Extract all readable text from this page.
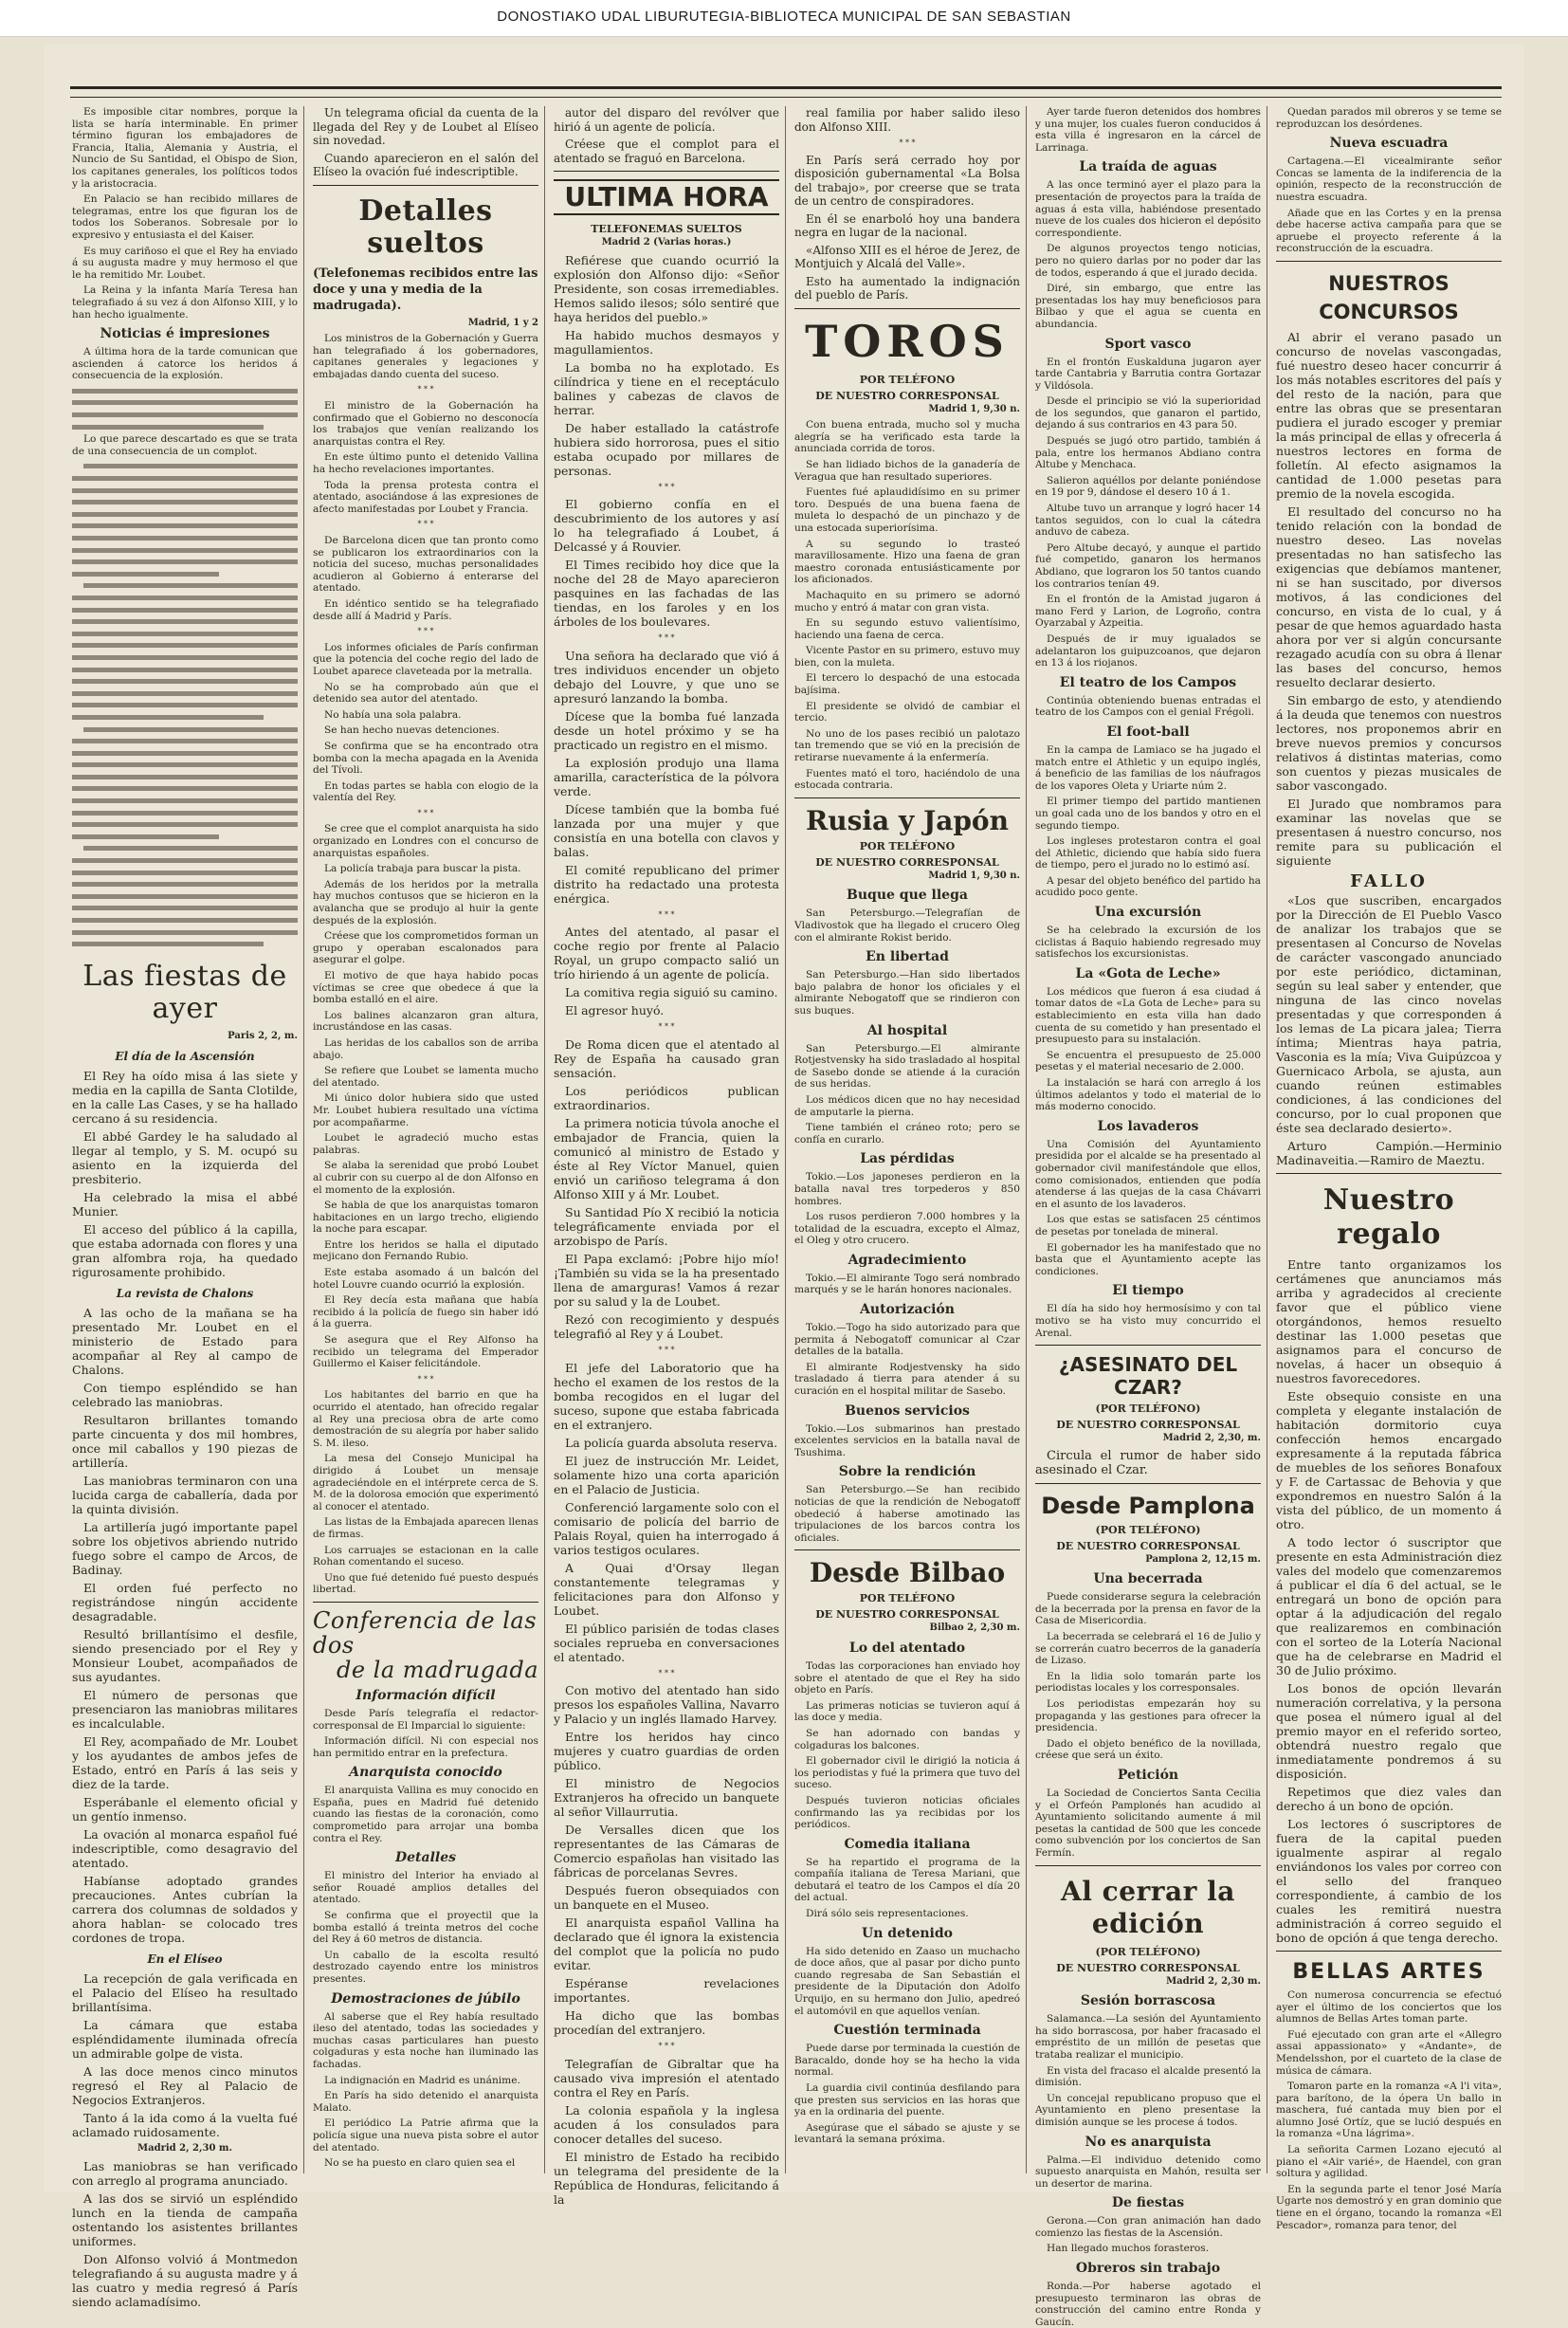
DONOSTIAKO UDAL LIBURUTEGIA-BIBLIOTECA MUNICIPAL DE SAN SEBASTIAN

Es imposible citar nombres, porque la lista se haría interminable. En primer término figuran los embajadores de Francia, Italia, Alemania y Austria, el Nuncio de Su Santidad, el Obispo de Sion, los capitanes generales, los políticos todos y la aristocracia.

En Palacio se han recibido millares de telegramas, entre los que figuran los de todos los Soberanos. Sobresale por lo expresivo y entusiasta el del Kaiser.

Es muy cariñoso el que el Rey ha enviado á su augusta madre y muy hermoso el que le ha remitido Mr. Loubet.

La Reina y la infanta María Teresa han telegrafiado á su vez á don Alfonso XIII, y lo han hecho igualmente.

Noticias é impresiones

A última hora de la tarde comunican que ascienden á catorce los heridos á consecuencia de la explosión.

Lo que parece descartado es que se trata de una consecuencia de un complot.

Las fiestas de ayer
Paris 2, 2, m.
El día de la Ascensión

El Rey ha oído misa á las siete y media en la capilla de Santa Clotilde, en la calle Las Cases, y se ha hallado cercano á su residencia.

El abbé Gardey le ha saludado al llegar al templo, y S. M. ocupó su asiento en la izquierda del presbiterio.

Ha celebrado la misa el abbé Munier.

El acceso del público á la capilla, que estaba adornada con flores y una gran alfombra roja, ha quedado rigurosamente prohibido.

La revista de Chalons

A las ocho de la mañana se ha presentado Mr. Loubet en el ministerio de Estado para acompañar al Rey al campo de Chalons.

Con tiempo espléndido se han celebrado las maniobras.

Resultaron brillantes tomando parte cincuenta y dos mil hombres, once mil caballos y 190 piezas de artillería.

Las maniobras terminaron con una lucida carga de caballería, dada por la quinta división.

La artillería jugó importante papel sobre los objetivos abriendo nutrido fuego sobre el campo de Arcos, de Badinay.

El orden fué perfecto no registrándose ningún accidente desagradable.

Resultó brillantísimo el desfile, siendo presenciado por el Rey y Monsieur Loubet, acompañados de sus ayudantes.

El número de personas que presenciaron las maniobras militares es incalculable.

El Rey, acompañado de Mr. Loubet y los ayudantes de ambos jefes de Estado, entró en París á las seis y diez de la tarde.

Esperábanle el elemento oficial y un gentío inmenso.

La ovación al monarca español fué indescriptible, como desagravio del atentado.

Habíanse adoptado grandes precauciones. Antes cubrían la carrera dos columnas de soldados y ahora hablan- se colocado tres cordones de tropa.

En el Elíseo

La recepción de gala verificada en el Palacio del Elíseo ha resultado brillantísima.

La cámara que estaba espléndidamente iluminada ofrecía un admirable golpe de vista.

A las doce menos cinco minutos regresó el Rey al Palacio de Negocios Extranjeros.

Tanto á la ida como á la vuelta fué aclamado ruidosamente.

Madrid 2, 2,30 m.

Las maniobras se han verificado con arreglo al programa anunciado.

A las dos se sirvió un espléndido lunch en la tienda de campaña ostentando los asistentes brillantes uniformes.

Don Alfonso volvió á Montmedon telegrafiando á su augusta madre y á las cuatro y media regresó á París siendo aclamadísimo.

Un telegrama oficial da cuenta de la llegada del Rey y de Loubet al Elíseo sin novedad.

Cuando aparecieron en el salón del Elíseo la ovación fué indescriptible.

Detalles sueltos
(Telefonemas recibidos entre las doce y una y media de la madrugada).
Madrid, 1 y 2

Los ministros de la Gobernación y Guerra han telegrafiado á los gobernadores, capitanes generales y legaciones y embajadas dando cuenta del suceso.

* * *

El ministro de la Gobernación ha confirmado que el Gobierno no desconocía los trabajos que venían realizando los anarquistas contra el Rey.

En este último punto el detenido Vallina ha hecho revelaciones importantes.

Toda la prensa protesta contra el atentado, asociándose á las expresiones de afecto manifestadas por Loubet y Francia.

* * *

De Barcelona dicen que tan pronto como se publicaron los extraordinarios con la noticia del suceso, muchas personalidades acudieron al Gobierno á enterarse del atentado.

En idéntico sentido se ha telegrafiado desde allí á Madrid y París.

* * *

Los informes oficiales de París confirman que la potencia del coche regio del lado de Loubet aparece claveteada por la metralla.

No se ha comprobado aún que el detenido sea autor del atentado.

No había una sola palabra.

Se han hecho nuevas detenciones.

Se confirma que se ha encontrado otra bomba con la mecha apagada en la Avenida del Tívoli.

En todas partes se habla con elogio de la valentía del Rey.

* * *

Se cree que el complot anarquista ha sido organizado en Londres con el concurso de anarquistas españoles.

La policía trabaja para buscar la pista.

Además de los heridos por la metralla hay muchos contusos que se hicieron en la avalancha que se produjo al huir la gente después de la explosión.

Créese que los comprometidos forman un grupo y operaban escalonados para asegurar el golpe.

El motivo de que haya habido pocas víctimas se cree que obedece á que la bomba estalló en el aire.

Los balines alcanzaron gran altura, incrustándose en las casas.

Las heridas de los caballos son de arriba abajo.

Se refiere que Loubet se lamenta mucho del atentado.

Mi único dolor hubiera sido que usted Mr. Loubet hubiera resultado una víctima por acompañarme.

Loubet le agradeció mucho estas palabras.

Se alaba la serenidad que probó Loubet al cubrir con su cuerpo al de don Alfonso en el momento de la explosión.

Se habla de que los anarquistas tomaron habitaciones en un largo trecho, eligiendo la noche para escapar.

Entre los heridos se halla el diputado mejicano don Fernando Rubio.

Este estaba asomado á un balcón del hotel Louvre cuando ocurrió la explosión.

El Rey decía esta mañana que había recibido á la policía de fuego sin haber idó á la guerra.

Se asegura que el Rey Alfonso ha recibido un telegrama del Emperador Guillermo el Kaiser felicitándole.

* * *

Los habitantes del barrio en que ha ocurrido el atentado, han ofrecido regalar al Rey una preciosa obra de arte como demostración de su alegría por haber salido S. M. ileso.

La mesa del Consejo Municipal ha dirigido á Loubet un mensaje agradeciéndole en el intérprete cerca de S. M. de la dolorosa emoción que experimentó al conocer el atentado.

Las listas de la Embajada aparecen llenas de firmas.

Los carruajes se estacionan en la calle Rohan comentando el suceso.

Uno que fué detenido fué puesto después libertad.

Conferencia de las dos
de la madrugada
Información difícil

Desde París telegrafía el redactor-corresponsal de El Imparcial lo siguiente:

Información difícil. Ni con especial nos han permitido entrar en la prefectura.

Anarquista conocido

El anarquista Vallina es muy conocido en España, pues en Madrid fué detenido cuando las fiestas de la coronación, como comprometido para arrojar una bomba contra el Rey.

Detalles

El ministro del Interior ha enviado al señor Rouadé amplios detalles del atentado.

Se confirma que el proyectil que la bomba estalló á treinta metros del coche del Rey á 60 metros de distancia.

Un caballo de la escolta resultó destrozado cayendo entre los ministros presentes.

Demostraciones de júbilo

Al saberse que el Rey había resultado ileso del atentado, todas las sociedades y muchas casas particulares han puesto colgaduras y esta noche han iluminado las fachadas.

La indignación en Madrid es unánime.

En París ha sido detenido el anarquista Malato.

El periódico La Patrie afirma que la policía sigue una nueva pista sobre el autor del atentado.

No se ha puesto en claro quien sea el

autor del disparo del revólver que hirió á un agente de policía.

Créese que el complot para el atentado se fraguó en Barcelona.

ULTIMA HORA
TELEFONEMAS SUELTOS
Madrid 2 (Varias horas.)

Refiérese que cuando ocurrió la explosión don Alfonso dijo: «Señor Presidente, son cosas irremediables. Hemos salido ilesos; sólo sentiré que haya heridos del pueblo.»

Ha habido muchos desmayos y magullamientos.

La bomba no ha explotado. Es cilíndrica y tiene en el receptáculo balines y cabezas de clavos de herrar.

De haber estallado la catástrofe hubiera sido horrorosa, pues el sitio estaba ocupado por millares de personas.

* * *

El gobierno confía en el descubrimiento de los autores y así lo ha telegrafiado á Loubet, á Delcassé y á Rouvier.

El Times recibido hoy dice que la noche del 28 de Mayo aparecieron pasquines en las fachadas de las tiendas, en los faroles y en los árboles de los boulevares.

* * *

Una señora ha declarado que vió á tres individuos encender un objeto debajo del Louvre, y que uno se apresuró lanzando la bomba.

Dícese que la bomba fué lanzada desde un hotel próximo y se ha practicado un registro en el mismo.

La explosión produjo una llama amarilla, característica de la pólvora verde.

Dícese también que la bomba fué lanzada por una mujer y que consistía en una botella con clavos y balas.

El comité republicano del primer distrito ha redactado una protesta enérgica.

* * *

Antes del atentado, al pasar el coche regio por frente al Palacio Royal, un grupo compacto salió un trío hiriendo á un agente de policía.

La comitiva regia siguió su camino.

El agresor huyó.

* * *

De Roma dicen que el atentado al Rey de España ha causado gran sensación.

Los periódicos publican extraordinarios.

La primera noticia túvola anoche el embajador de Francia, quien la comunicó al ministro de Estado y éste al Rey Víctor Manuel, quien envió un cariñoso telegrama á don Alfonso XIII y á Mr. Loubet.

Su Santidad Pío X recibió la noticia telegráficamente enviada por el arzobispo de París.

El Papa exclamó: ¡Pobre hijo mío! ¡También su vida se la ha presentado llena de amarguras! Vamos á rezar por su salud y la de Loubet.

Rezó con recogimiento y después telegrafió al Rey y á Loubet.

* * *

El jefe del Laboratorio que ha hecho el examen de los restos de la bomba recogidos en el lugar del suceso, supone que estaba fabricada en el extranjero.

La policía guarda absoluta reserva.

El juez de instrucción Mr. Leidet, solamente hizo una corta aparición en el Palacio de Justicia.

Conferenció largamente solo con el comisario de policía del barrio de Palais Royal, quien ha interrogado á varios testigos oculares.

A Quai d'Orsay llegan constantemente telegramas y felicitaciones para don Alfonso y Loubet.

El público parisién de todas clases sociales reprueba en conversaciones el atentado.

* * *

Con motivo del atentado han sido presos los españoles Vallina, Navarro y Palacio y un inglés llamado Harvey.

Entre los heridos hay cinco mujeres y cuatro guardias de orden público.

El ministro de Negocios Extranjeros ha ofrecido un banquete al señor Villaurrutia.

De Versalles dicen que los representantes de las Cámaras de Comercio españolas han visitado las fábricas de porcelanas Sevres.

Después fueron obsequiados con un banquete en el Museo.

El anarquista español Vallina ha declarado que él ignora la existencia del complot que la policía no pudo evitar.

Espéranse revelaciones importantes.

Ha dicho que las bombas procedían del extranjero.

* * *

Telegrafían de Gibraltar que ha causado viva impresión el atentado contra el Rey en París.

La colonia española y la inglesa acuden á los consulados para conocer detalles del suceso.

El ministro de Estado ha recibido un telegrama del presidente de la República de Honduras, felicitando á la

real familia por haber salido ileso don Alfonso XIII.

* * *

En París será cerrado hoy por disposición gubernamental «La Bolsa del trabajo», por creerse que se trata de un centro de conspiradores.

En él se enarboló hoy una bandera negra en lugar de la nacional.

«Alfonso XIII es el héroe de Jerez, de Montjuich y Alcalá del Valle».

Esto ha aumentado la indignación del pueblo de París.

TOROS
POR TELÉFONO
DE NUESTRO CORRESPONSAL
Madrid 1, 9,30 n.

Con buena entrada, mucho sol y mucha alegría se ha verificado esta tarde la anunciada corrida de toros.

Se han lidiado bichos de la ganadería de Veragua que han resultado superiores.

Fuentes fué aplaudidísimo en su primer toro. Después de una buena faena de muleta lo despachó de un pinchazo y de una estocada superiorísima.

A su segundo lo trasteó maravillosamente. Hizo una faena de gran maestro coronada entusiásticamente por los aficionados.

Machaquito en su primero se adornó mucho y entró á matar con gran vista.

En su segundo estuvo valientísimo, haciendo una faena de cerca.

Vicente Pastor en su primero, estuvo muy bien, con la muleta.

El tercero lo despachó de una estocada bajísima.

El presidente se olvidó de cambiar el tercio.

No uno de los pases recibió un palotazo tan tremendo que se vió en la precisión de retirarse nuevamente á la enfermería.

Fuentes mató el toro, haciéndolo de una estocada contraria.

Rusia y Japón
POR TELÉFONO
DE NUESTRO CORRESPONSAL
Madrid 1, 9,30 n.
Buque que llega

San Petersburgo.—Telegrafían de Vladivostok que ha llegado el crucero Oleg con el almirante Rokist berido.

En libertad

San Petersburgo.—Han sido libertados bajo palabra de honor los oficiales y el almirante Nebogatoff que se rindieron con sus buques.

Al hospital

San Petersburgo.—El almirante Rotjestvensky ha sido trasladado al hospital de Sasebo donde se atiende á la curación de sus heridas.

Los médicos dicen que no hay necesidad de amputarle la pierna.

Tiene también el cráneo roto; pero se confía en curarlo.

Las pérdidas

Tokio.—Los japoneses perdieron en la batalla naval tres torpederos y 850 hombres.

Los rusos perdieron 7.000 hombres y la totalidad de la escuadra, excepto el Almaz, el Oleg y otro crucero.

Agradecimiento

Tokio.—El almirante Togo será nombrado marqués y se le harán honores nacionales.

Autorización

Tokio.—Togo ha sido autorizado para que permita á Nebogatoff comunicar al Czar detalles de la batalla.

El almirante Rodjestvensky ha sido trasladado á tierra para atender á su curación en el hospital militar de Sasebo.

Buenos servicios

Tokio.—Los submarinos han prestado excelentes servicios en la batalla naval de Tsushima.

Sobre la rendición

San Petersburgo.—Se han recibido noticias de que la rendición de Nebogatoff obedeció á haberse amotinado las tripulaciones de los barcos contra los oficiales.

Desde Bilbao
POR TELÉFONO
DE NUESTRO CORRESPONSAL
Bilbao 2, 2,30 m.
Lo del atentado

Todas las corporaciones han enviado hoy sobre el atentado de que el Rey ha sido objeto en París.

Las primeras noticias se tuvieron aquí á las doce y media.

Se han adornado con bandas y colgaduras los balcones.

El gobernador civil le dirigió la noticia á los periodistas y fué la primera que tuvo del suceso.

Después tuvieron noticias oficiales confirmando las ya recibidas por los periódicos.

Comedia italiana

Se ha repartido el programa de la compañía italiana de Teresa Mariani, que debutará el teatro de los Campos el día 20 del actual.

Dirá sólo seis representaciones.

Un detenido

Ha sido detenido en Zaaso un muchacho de doce años, que al pasar por dicho punto cuando regresaba de San Sebastián el presidente de la Diputación don Adolfo Urquijo, en su hermano don Julio, apedreó el automóvil en que aquellos venían.

Cuestión terminada

Puede darse por terminada la cuestión de Baracaldo, donde hoy se ha hecho la vida normal.

La guardia civil continúa desfilando para que presten sus servicios en las horas que ya en la ordinaria del puente.

Asegúrase que el sábado se ajuste y se levantará la semana próxima.

Ayer tarde fueron detenidos dos hombres y una mujer, los cuales fueron conducidos á esta villa é ingresaron en la cárcel de Larrinaga.

La traída de aguas

A las once terminó ayer el plazo para la presentación de proyectos para la traída de aguas á esta villa, habiéndose presentado nueve de los cuales dos hicieron el depósito correspondiente.

De algunos proyectos tengo noticias, pero no quiero darlas por no poder dar las de todos, esperando á que el jurado decida.

Diré, sin embargo, que entre las presentadas los hay muy beneficiosos para Bilbao y que el agua se cuenta en abundancia.

Sport vasco

En el frontón Euskalduna jugaron ayer tarde Cantabria y Barrutia contra Gortazar y Vildósola.

Desde el principio se vió la superioridad de los segundos, que ganaron el partido, dejando á sus contrarios en 43 para 50.

Después se jugó otro partido, también á pala, entre los hermanos Abdiano contra Altube y Menchaca.

Salieron aquéllos por delante poniéndose en 19 por 9, dándose el desero 10 á 1.

Altube tuvo un arranque y logró hacer 14 tantos seguidos, con lo cual la cátedra anduvo de cabeza.

Pero Altube decayó, y aunque el partido fué competido, ganaron los hermanos Abdiano, que lograron los 50 tantos cuando los contrarios tenían 49.

En el frontón de la Amistad jugaron á mano Ferd y Larion, de Logroño, contra Oyarzabal y Azpeitia.

Después de ir muy igualados se adelantaron los guipuzcoanos, que dejaron en 13 á los riojanos.

El teatro de los Campos

Continúa obteniendo buenas entradas el teatro de los Campos con el genial Frégoli.

El foot-ball

En la campa de Lamiaco se ha jugado el match entre el Athletic y un equipo inglés, á beneficio de las familias de los náufragos de los vapores Oleta y Uriarte núm 2.

El primer tiempo del partido mantienen un goal cada uno de los bandos y otro en el segundo tiempo.

Los ingleses protestaron contra el goal del Athletic, diciendo que había sido fuera de tiempo, pero el jurado no lo estimó así.

A pesar del objeto benéfico del partido ha acudido poco gente.

Una excursión

Se ha celebrado la excursión de los ciclistas á Baquio habiendo regresado muy satisfechos los excursionistas.

La «Gota de Leche»

Los médicos que fueron á esa ciudad á tomar datos de «La Gota de Leche» para su establecimiento en esta villa han dado cuenta de su cometido y han presentado el presupuesto para su instalación.

Se encuentra el presupuesto de 25.000 pesetas y el material necesario de 2.000.

La instalación se hará con arreglo á los últimos adelantos y todo el material de lo más moderno conocido.

Los lavaderos

Una Comisión del Ayuntamiento presidida por el alcalde se ha presentado al gobernador civil manifestándole que ellos, como comisionados, entienden que podía atenderse á las quejas de la casa Chávarri en el asunto de los lavaderos.

Los que estas se satisfacen 25 céntimos de pesetas por tonelada de mineral.

El gobernador les ha manifestado que no basta que el Ayuntamiento acepte las condiciones.

El tiempo

El día ha sido hoy hermosísimo y con tal motivo se ha visto muy concurrido el Arenal.

¿ASESINATO DEL CZAR?
(POR TELÉFONO)
DE NUESTRO CORRESPONSAL
Madrid 2, 2,30, m.

Circula el rumor de haber sido asesinado el Czar.

Desde Pamplona
(POR TELÉFONO)
DE NUESTRO CORRESPONSAL
Pamplona 2, 12,15 m.
Una becerrada

Puede considerarse segura la celebración de la becerrada por la prensa en favor de la Casa de Misericordia.

La becerrada se celebrará el 16 de Julio y se correrán cuatro becerros de la ganadería de Lizaso.

En la lidia solo tomarán parte los periodistas locales y los corresponsales.

Los periodistas empezarán hoy su propaganda y las gestiones para ofrecer la presidencia.

Dado el objeto benéfico de la novillada, créese que será un éxito.

Petición

La Sociedad de Conciertos Santa Cecilia y el Orfeón Pamplonés han acudido al Ayuntamiento solicitando aumente á mil pesetas la cantidad de 500 que les concede como subvención por los conciertos de San Fermín.

Al cerrar la edición
(POR TELÉFONO)
DE NUESTRO CORRESPONSAL
Madrid 2, 2,30 m.
Sesión borrascosa

Salamanca.—La sesión del Ayuntamiento ha sido borrascosa, por haber fracasado el empréstito de un millón de pesetas que trataba realizar el municipio.

En vista del fracaso el alcalde presentó la dimisión.

Un concejal republicano propuso que el Ayuntamiento en pleno presentase la dimisión aunque se les procese á todos.

No es anarquista

Palma.—El individuo detenido como supuesto anarquista en Mahón, resulta ser un desertor de marina.

De fiestas

Gerona.—Con gran animación han dado comienzo las fiestas de la Ascensión.

Han llegado muchos forasteros.

Obreros sin trabajo

Ronda.—Por haberse agotado el presupuesto terminaron las obras de construcción del camino entre Ronda y Gaucín.

Quedan parados mil obreros y se teme se reproduzcan los desórdenes.

Nueva escuadra

Cartagena.—El vicealmirante señor Concas se lamenta de la indiferencia de la opinión, respecto de la reconstrucción de nuestra escuadra.

Añade que en las Cortes y en la prensa debe hacerse activa campaña para que se apruebe el proyecto referente á la reconstrucción de la escuadra.

NUESTROS CONCURSOS

Al abrir el verano pasado un concurso de novelas vascongadas, fué nuestro deseo hacer concurrir á los más notables escritores del país y del resto de la nación, para que entre las obras que se presentaran pudiera el jurado escoger y premiar la más principal de ellas y ofrecerla á nuestros lectores en forma de folletín. Al efecto asignamos la cantidad de 1.000 pesetas para premio de la novela escogida.

El resultado del concurso no ha tenido relación con la bondad de nuestro deseo. Las novelas presentadas no han satisfecho las exigencias que debíamos mantener, ni se han suscitado, por diversos motivos, á las condiciones del concurso, en vista de lo cual, y á pesar de que hemos aguardado hasta ahora por ver si algún concursante rezagado acudía con su obra á llenar las bases del concurso, hemos resuelto declarar desierto.

Sin embargo de esto, y atendiendo á la deuda que tenemos con nuestros lectores, nos proponemos abrir en breve nuevos premios y concursos relativos á distintas materias, como son cuentos y piezas musicales de sabor vascongado.

El Jurado que nombramos para examinar las novelas que se presentasen á nuestro concurso, nos remite para su publicación el siguiente

FALLO

«Los que suscriben, encargados por la Dirección de El Pueblo Vasco de analizar los trabajos que se presentasen al Concurso de Novelas de carácter vascongado anunciado por este periódico, dictaminan, según su leal saber y entender, que ninguna de las cinco novelas presentadas y que corresponden á los lemas de La picara jalea; Tierra íntima; Mientras haya patria, Vasconia es la mía; Viva Guipúzcoa y Guernicaco Arbola, se ajusta, aun cuando reúnen estimables condiciones, á las condiciones del concurso, por lo cual proponen que éste sea declarado desierto».

Arturo Campión.—Herminio Madinaveitia.—Ramiro de Maeztu.

Nuestro regalo

Entre tanto organizamos los certámenes que anunciamos más arriba y agradecidos al creciente favor que el público viene otorgándonos, hemos resuelto destinar las 1.000 pesetas que asignamos para el concurso de novelas, á hacer un obsequio á nuestros favorecedores.

Este obsequio consiste en una completa y elegante instalación de habitación dormitorio cuya confección hemos encargado expresamente á la reputada fábrica de muebles de los señores Bonafoux y F. de Cartassac de Behovia y que expondremos en nuestro Salón á la vista del público, de un momento á otro.

A todo lector ó suscriptor que presente en esta Administración diez vales del modelo que comenzaremos á publicar el día 6 del actual, se le entregará un bono de opción para optar á la adjudicación del regalo que realizaremos en combinación con el sorteo de la Lotería Nacional que ha de celebrarse en Madrid el 30 de Julio próximo.

Los bonos de opción llevarán numeración correlativa, y la persona que posea el número igual al del premio mayor en el referido sorteo, obtendrá nuestro regalo que inmediatamente pondremos á su disposición.

Repetimos que diez vales dan derecho á un bono de opción.

Los lectores ó suscriptores de fuera de la capital pueden igualmente aspirar al regalo enviándonos los vales por correo con el sello del franqueo correspondiente, á cambio de los cuales les remitirá nuestra administración á correo seguido el bono de opción á que tenga derecho.

BELLAS ARTES

Con numerosa concurrencia se efectuó ayer el último de los conciertos que los alumnos de Bellas Artes toman parte.

Fué ejecutado con gran arte el «Allegro assai appassionato» y «Andante», de Mendelsshon, por el cuarteto de la clase de música de cámara.

Tomaron parte en la romanza «A l'i vita», para barítono, de la ópera Un ballo in maschera, fué cantada muy bien por el alumno José Ortíz, que se lució después en la romanza «Una lágrima».

La señorita Carmen Lozano ejecutó al piano el «Air varié», de Haendel, con gran soltura y agilidad.

En la segunda parte el tenor José María Ugarte nos demostró y en gran dominio que tiene en el órgano, tocando la romanza «El Pescador», romanza para tenor, del
